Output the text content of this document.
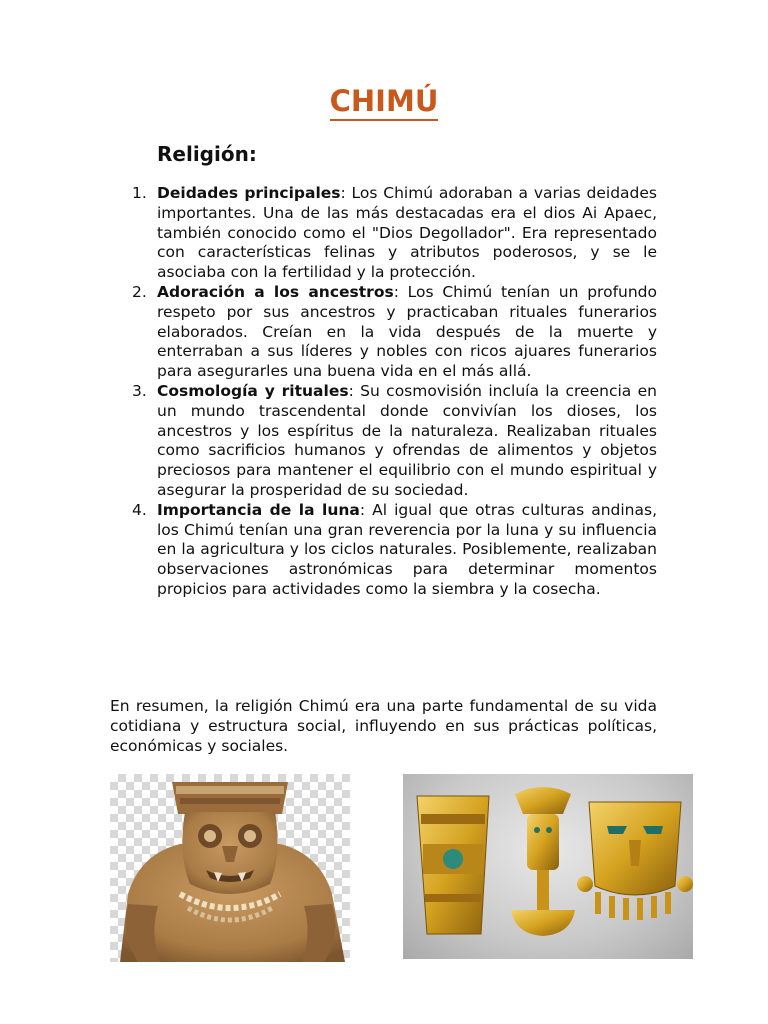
CHIMÚ
Religión:
1. Deidades principales: Los Chimú adoraban a varias deidades importantes. Una de las más destacadas era el dios Ai Apaec, también conocido como el "Dios Degollador". Era representado con características felinas y atributos poderosos, y se le asociaba con la fertilidad y la protección.
2. Adoración a los ancestros: Los Chimú tenían un profundo respeto por sus ancestros y practicaban rituales funerarios elaborados. Creían en la vida después de la muerte y enterraban a sus líderes y nobles con ricos ajuares funerarios para asegurarles una buena vida en el más allá.
3. Cosmología y rituales: Su cosmovisión incluía la creencia en un mundo trascendental donde convivían los dioses, los ancestros y los espíritus de la naturaleza. Realizaban rituales como sacrificios humanos y ofrendas de alimentos y objetos preciosos para mantener el equilibrio con el mundo espiritual y asegurar la prosperidad de su sociedad.
4. Importancia de la luna: Al igual que otras culturas andinas, los Chimú tenían una gran reverencia por la luna y su influencia en la agricultura y los ciclos naturales. Posiblemente, realizaban observaciones astronómicas para determinar momentos propicios para actividades como la siembra y la cosecha.

En resumen, la religión Chimú era una parte fundamental de su vida cotidiana y estructura social, influyendo en sus prácticas políticas, económicas y sociales.
